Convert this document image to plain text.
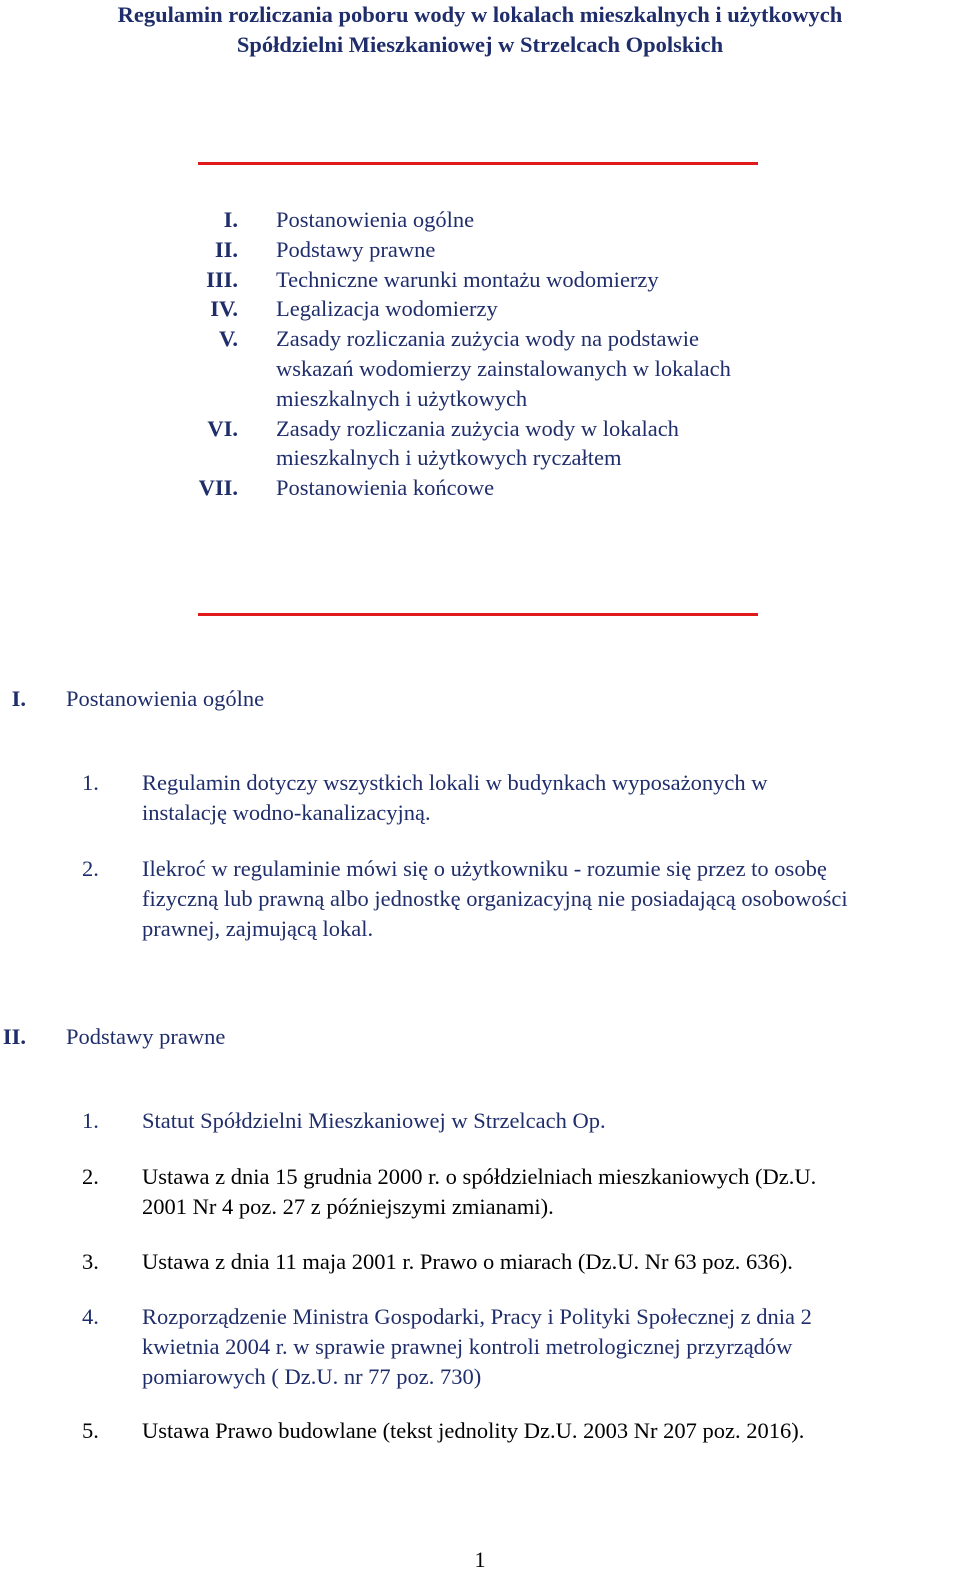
Regulamin rozliczania poboru wody w lokalach mieszkalnych i użytkowych
Spółdzielni Mieszkaniowej w Strzelcach Opolskich
I. Postanowienia ogólne
II. Podstawy prawne
III. Techniczne warunki montażu wodomierzy
IV. Legalizacja wodomierzy
V. Zasady rozliczania zużycia wody na podstawie wskazań wodomierzy zainstalowanych w lokalach mieszkalnych i użytkowych
VI. Zasady rozliczania zużycia wody w lokalach mieszkalnych i użytkowych ryczałtem
VII. Postanowienia końcowe
I. Postanowienia ogólne
1.	Regulamin dotyczy wszystkich lokali w budynkach wyposażonych w
instalację wodno-kanalizacyjną.
2.	Ilekroć w regulaminie mówi się o użytkowniku - rozumie się przez to osobę
fizyczną lub prawną albo jednostkę organizacyjną nie posiadającą osobowości
prawnej, zajmującą lokal.
II. Podstawy prawne
1.	Statut Spółdzielni Mieszkaniowej w Strzelcach Op.
2.	Ustawa z dnia 15 grudnia 2000 r. o spółdzielniach mieszkaniowych (Dz.U.
2001 Nr 4 poz. 27 z późniejszymi zmianami).
3.	Ustawa z dnia 11 maja 2001 r. Prawo o miarach (Dz.U. Nr 63 poz. 636).
4.	Rozporządzenie Ministra Gospodarki, Pracy i Polityki Społecznej z dnia 2
kwietnia 2004 r. w sprawie prawnej kontroli metrologicznej przyrządów
pomiarowych ( Dz.U. nr 77 poz. 730)
5.	Ustawa Prawo budowlane (tekst jednolity Dz.U. 2003 Nr 207 poz. 2016).
1
